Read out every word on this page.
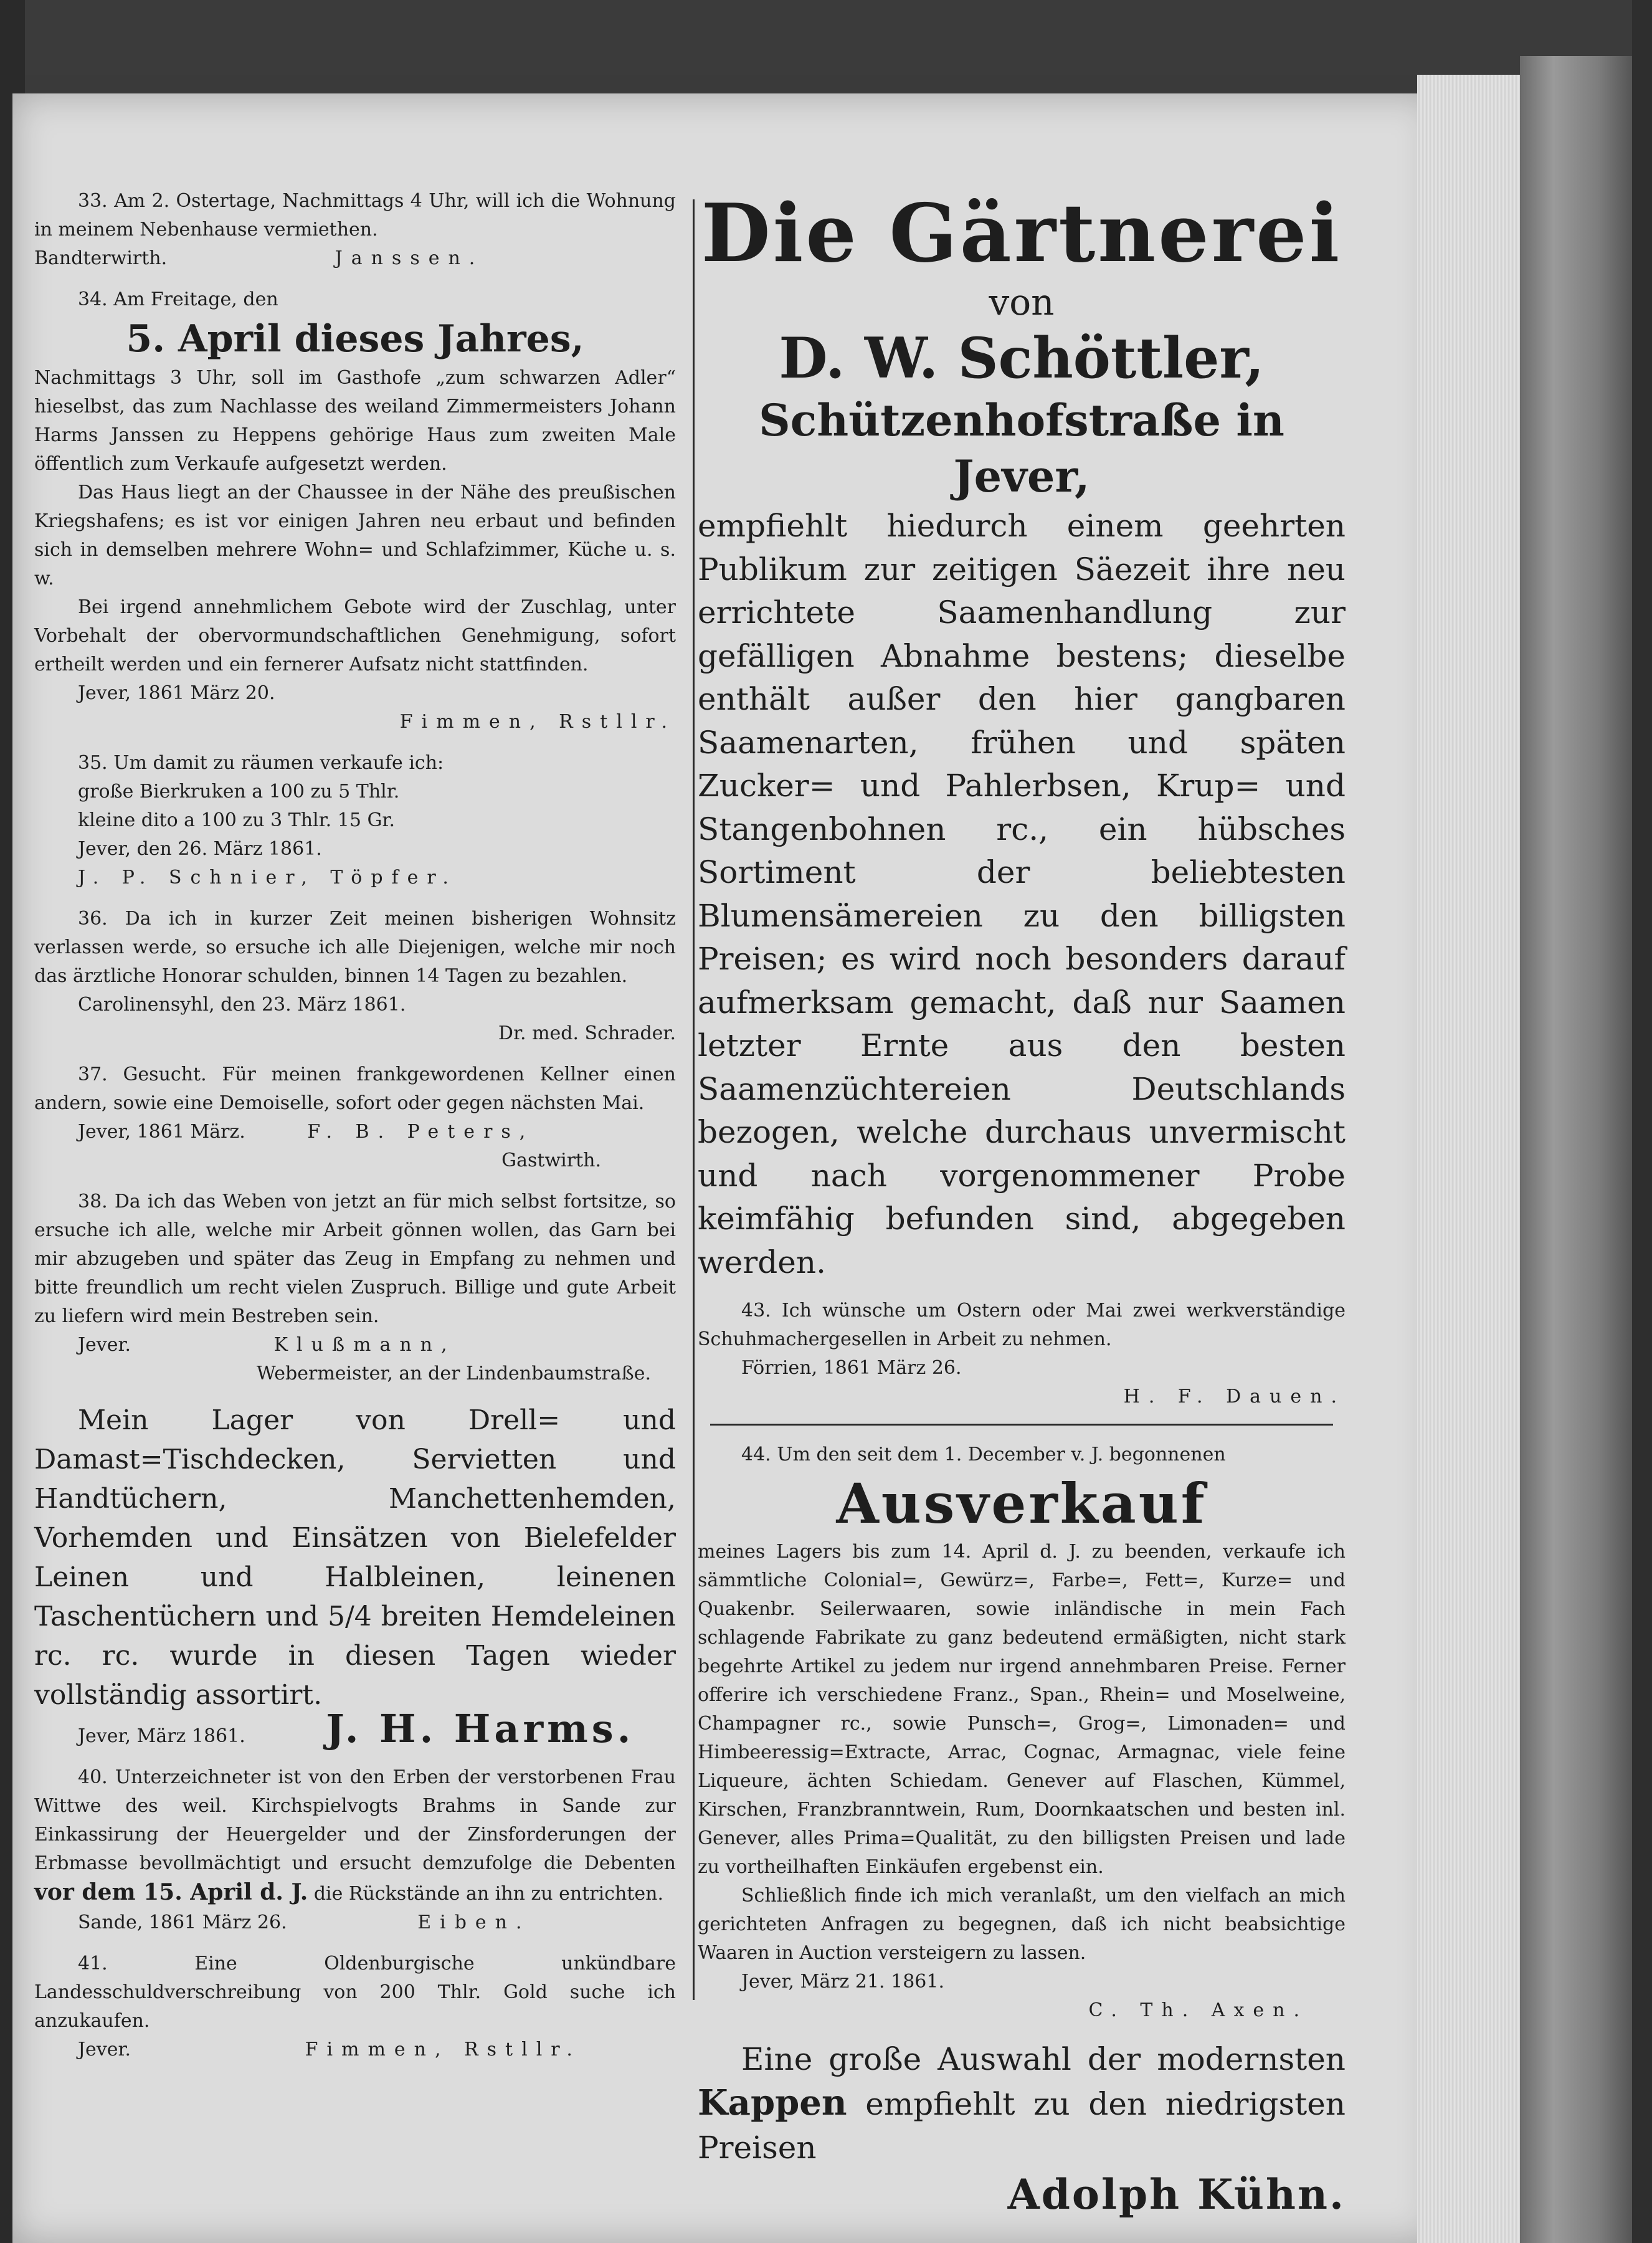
33. Am 2. Ostertage, Nachmittags 4 Uhr, will ich die Wohnung in meinem Nebenhause vermiethen.

Bandterwirth.	Janssen.

34. Am Freitage, den

5. April dieses Jahres,

Nachmittags 3 Uhr, soll im Gasthofe „zum schwarzen Adler“ hieselbst, das zum Nachlasse des weiland Zimmermeisters Johann Harms Janssen zu Heppens gehörige Haus zum zweiten Male öffentlich zum Verkaufe aufgesetzt werden.

Das Haus liegt an der Chaussee in der Nähe des preußischen Kriegshafens; es ist vor einigen Jahren neu erbaut und befinden sich in demselben mehrere Wohn= und Schlafzimmer, Küche u. s. w.

Bei irgend annehmlichem Gebote wird der Zuschlag, unter Vorbehalt der obervormundschaftlichen Genehmigung, sofort ertheilt werden und ein fernerer Aufsatz nicht stattfinden.

Jever, 1861 März 20.

Fimmen, Rstllr.

35. Um damit zu räumen verkaufe ich:

große Bierkruken a 100 zu 5 Thlr.

kleine dito a 100 zu 3 Thlr. 15 Gr.

Jever, den 26. März 1861.

J. P. Schnier, Töpfer.

36. Da ich in kurzer Zeit meinen bisherigen Wohnsitz verlassen werde, so ersuche ich alle Diejenigen, welche mir noch das ärztliche Honorar schulden, binnen 14 Tagen zu bezahlen.

Carolinensyhl, den 23. März 1861.

Dr. med. Schrader.

37. Gesucht. Für meinen frankgewordenen Kellner einen andern, sowie eine Demoiselle, sofort oder gegen nächsten Mai.

Jever, 1861 März.	F. B. Peters,

Gastwirth.

38. Da ich das Weben von jetzt an für mich selbst fortsitze, so ersuche ich alle, welche mir Arbeit gönnen wollen, das Garn bei mir abzugeben und später das Zeug in Empfang zu nehmen und bitte freundlich um recht vielen Zuspruch. Billige und gute Arbeit zu liefern wird mein Bestreben sein.

Jever.	Klußmann,

Webermeister, an der Lindenbaumstraße.

Mein Lager von Drell= und Damast=Tischdecken, Servietten und Handtüchern, Manchettenhemden, Vorhemden und Einsätzen von Bielefelder Leinen und Halbleinen, leinenen Taschentüchern und 5/4 breiten Hemdeleinen rc. rc. wurde in diesen Tagen wieder vollständig assortirt.

Jever, März 1861. J. H. Harms.

40. Unterzeichneter ist von den Erben der verstorbenen Frau Wittwe des weil. Kirchspielvogts Brahms in Sande zur Einkassirung der Heuergelder und der Zinsforderungen der Erbmasse bevollmächtigt und ersucht demzufolge die Debenten vor dem 15. April d. J. die Rückstände an ihn zu entrichten.

Sande, 1861 März 26.	Eiben.

41. Eine Oldenburgische unkündbare Landesschuldverschreibung von 200 Thlr. Gold suche ich anzukaufen.

Jever.	Fimmen, Rstllr.

Die Gärtnerei

von

D. W. Schöttler,

Schützenhofstraße in Jever,

empfiehlt hiedurch einem geehrten Publikum zur zeitigen Säezeit ihre neu errichtete Saamenhandlung zur gefälligen Abnahme bestens; dieselbe enthält außer den hier gangbaren Saamenarten, frühen und späten Zucker= und Pahlerbsen, Krup= und Stangenbohnen rc., ein hübsches Sortiment der beliebtesten Blumensämereien zu den billigsten Preisen; es wird noch besonders darauf aufmerksam gemacht, daß nur Saamen letzter Ernte aus den besten Saamenzüchtereien Deutschlands bezogen, welche durchaus unvermischt und nach vorgenommener Probe keimfähig befunden sind, abgegeben werden.

43. Ich wünsche um Ostern oder Mai zwei werkverständige Schuhmachergesellen in Arbeit zu nehmen.

Förrien, 1861 März 26.

H. F. Dauen.

44. Um den seit dem 1. December v. J. begonnenen

Ausverkauf

meines Lagers bis zum 14. April d. J. zu beenden, verkaufe ich sämmtliche Colonial=, Gewürz=, Farbe=, Fett=, Kurze= und Quakenbr. Seilerwaaren, sowie inländische in mein Fach schlagende Fabrikate zu ganz bedeutend ermäßigten, nicht stark begehrte Artikel zu jedem nur irgend annehmbaren Preise. Ferner offerire ich verschiedene Franz., Span., Rhein= und Moselweine, Champagner rc., sowie Punsch=, Grog=, Limonaden= und Himbeeressig=Extracte, Arrac, Cognac, Armagnac, viele feine Liqueure, ächten Schiedam. Genever auf Flaschen, Kümmel, Kirschen, Franzbranntwein, Rum, Doornkaatschen und besten inl. Genever, alles Prima=Qualität, zu den billigsten Preisen und lade zu vortheilhaften Einkäufen ergebenst ein.

Schließlich finde ich mich veranlaßt, um den vielfach an mich gerichteten Anfragen zu begegnen, daß ich nicht beabsichtige Waaren in Auction versteigern zu lassen.

Jever, März 21. 1861.

C. Th. Axen.

Eine große Auswahl der modernsten Kappen empfiehlt zu den niedrigsten Preisen

Adolph Kühn.
